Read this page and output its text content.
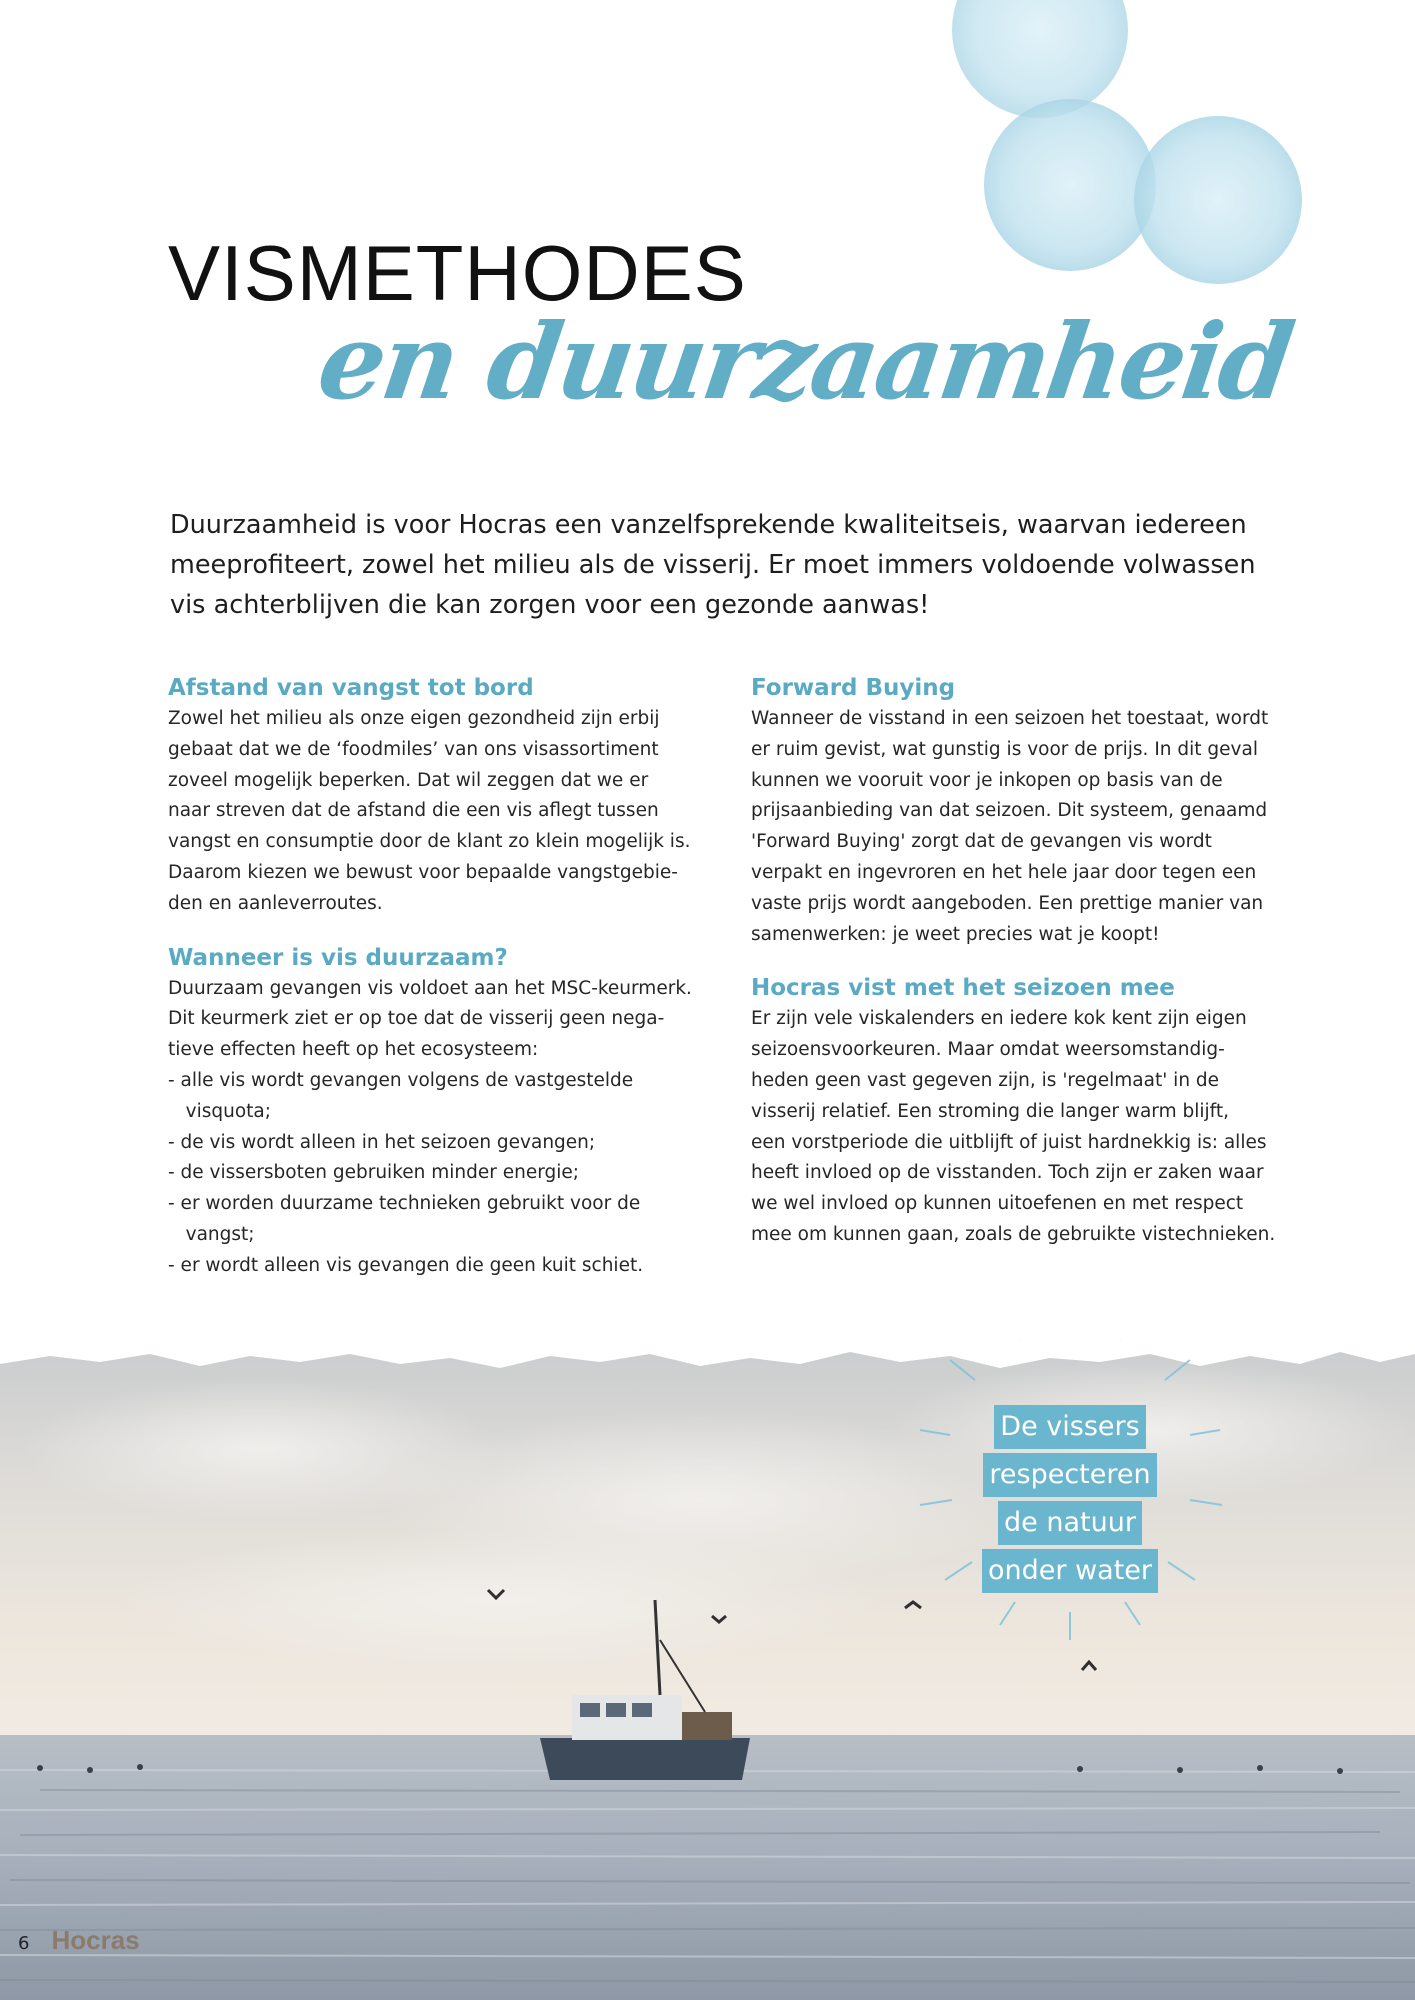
VISMETHODES
en duurzaamheid

Duurzaamheid is voor Hocras een vanzelfsprekende kwaliteitseis, waarvan iedereen meeprofiteert, zowel het milieu als de visserij. Er moet immers voldoende volwassen vis achterblijven die kan zorgen voor een gezonde aanwas!

Afstand van vangst tot bord

Zowel het milieu als onze eigen gezondheid zijn erbij

gebaat dat we de ‘foodmiles’ van ons visassortiment

zoveel mogelijk beperken. Dat wil zeggen dat we er

naar streven dat de afstand die een vis aflegt tussen

vangst en consumptie door de klant zo klein mogelijk is.

Daarom kiezen we bewust voor bepaalde vangstgebie-

den en aanleverroutes.

Wanneer is vis duurzaam?

Duurzaam gevangen vis voldoet aan het MSC-keurmerk.

Dit keurmerk ziet er op toe dat de visserij geen nega-

tieve effecten heeft op het ecosysteem:

- alle vis wordt gevangen volgens de vastgestelde

visquota;

- de vis wordt alleen in het seizoen gevangen;

- de vissersboten gebruiken minder energie;

- er worden duurzame technieken gebruikt voor de

vangst;

- er wordt alleen vis gevangen die geen kuit schiet.

Forward Buying

Wanneer de visstand in een seizoen het toestaat, wordt

er ruim gevist, wat gunstig is voor de prijs. In dit geval

kunnen we vooruit voor je inkopen op basis van de

prijsaanbieding van dat seizoen. Dit systeem, genaamd

'Forward Buying' zorgt dat de gevangen vis wordt

verpakt en ingevroren en het hele jaar door tegen een

vaste prijs wordt aangeboden. Een prettige manier van

samenwerken: je weet precies wat je koopt!

Hocras vist met het seizoen mee

Er zijn vele viskalenders en iedere kok kent zijn eigen

seizoensvoorkeuren. Maar omdat weersomstandig-

heden geen vast gegeven zijn, is 'regelmaat' in de

visserij relatief. Een stroming die langer warm blijft,

een vorstperiode die uitblijft of juist hardnekkig is: alles

heeft invloed op de visstanden. Toch zijn er zaken waar

we wel invloed op kunnen uitoefenen en met respect

mee om kunnen gaan, zoals de gebruikte vistechnieken.

De vissers
respecteren
de natuur
onder water
6 Hocras
